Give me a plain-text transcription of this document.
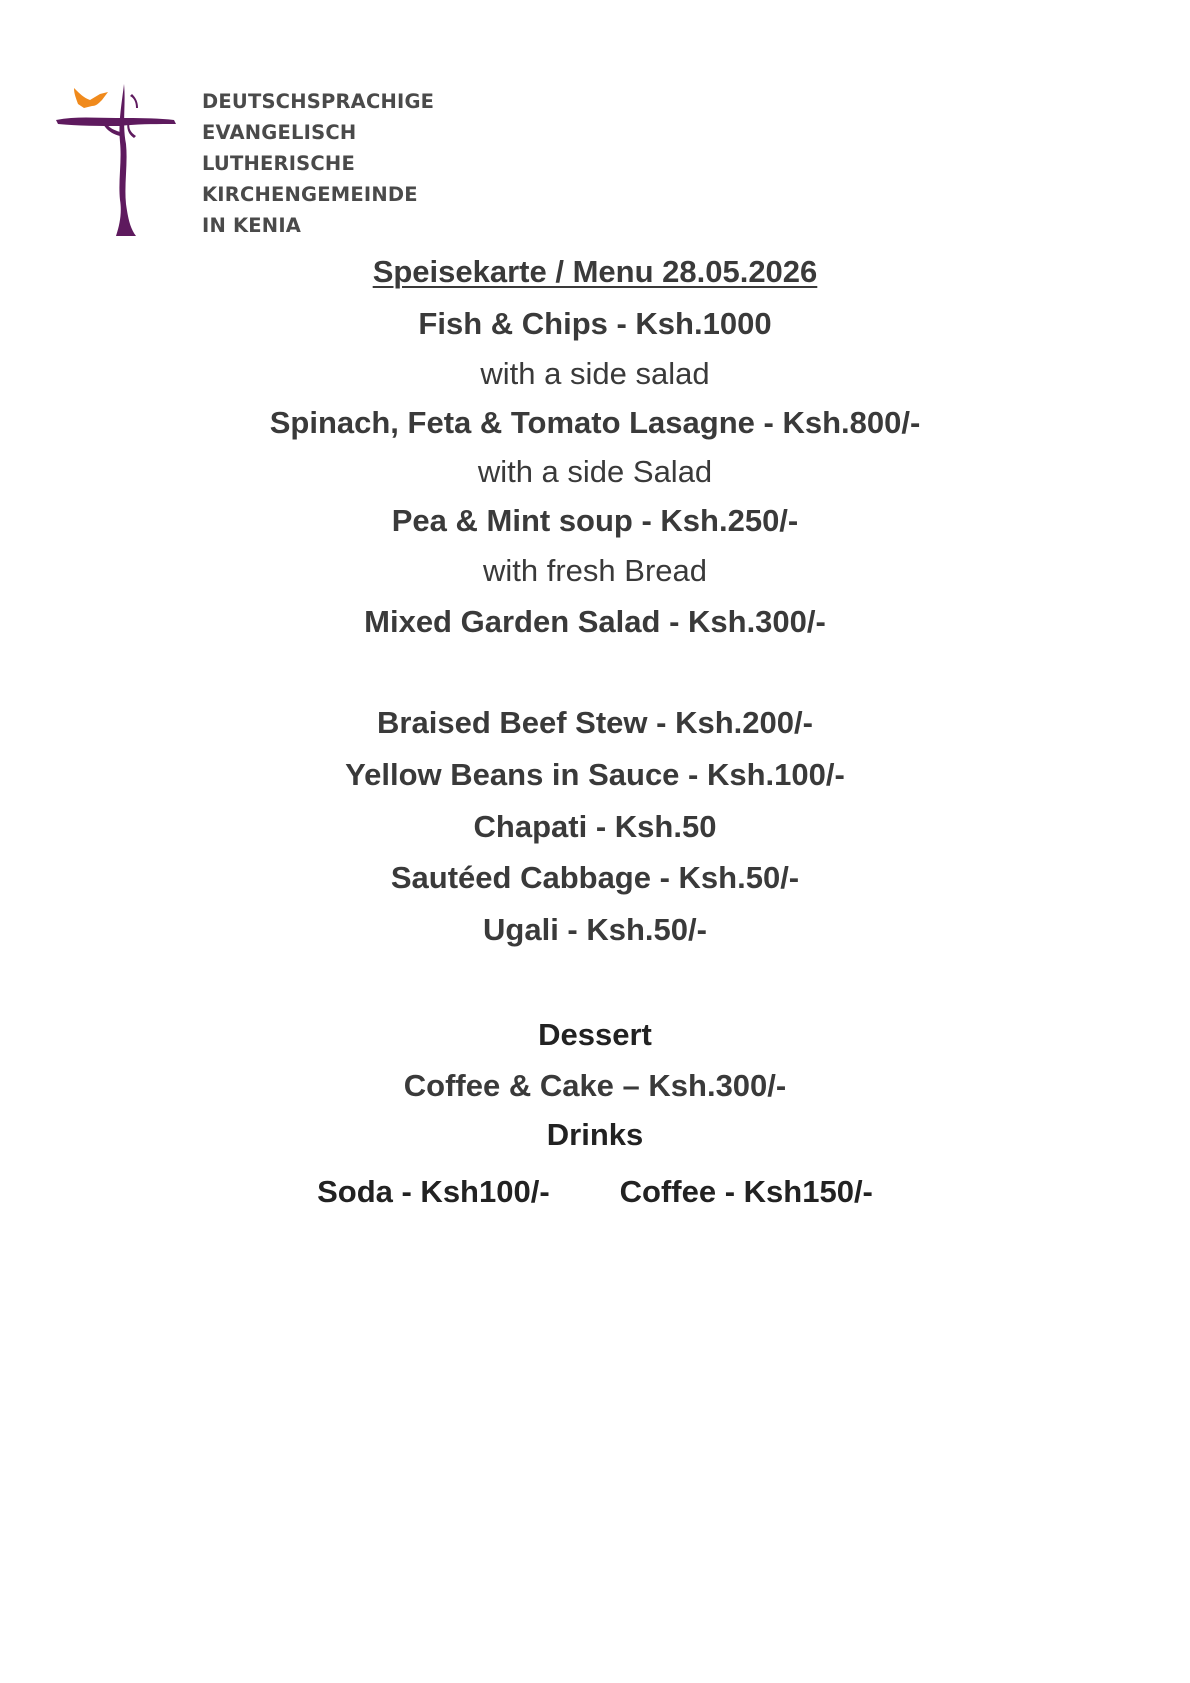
DEUTSCHSPRACHIGE
EVANGELISCH
LUTHERISCHE
KIRCHENGEMEINDE
IN KENIA
Speisekarte / Menu 28.05.2026
Fish & Chips - Ksh.1000
with a side salad
Spinach, Feta & Tomato Lasagne - Ksh.800/-
with a side Salad
Pea & Mint soup - Ksh.250/-
with fresh Bread
Mixed Garden Salad - Ksh.300/-
Braised Beef Stew - Ksh.200/-
Yellow Beans in Sauce - Ksh.100/-
Chapati - Ksh.50
Sautéed Cabbage - Ksh.50/-
Ugali - Ksh.50/-
Dessert
Coffee & Cake – Ksh.300/-
Drinks
Soda - Ksh100/- Coffee - Ksh150/-
